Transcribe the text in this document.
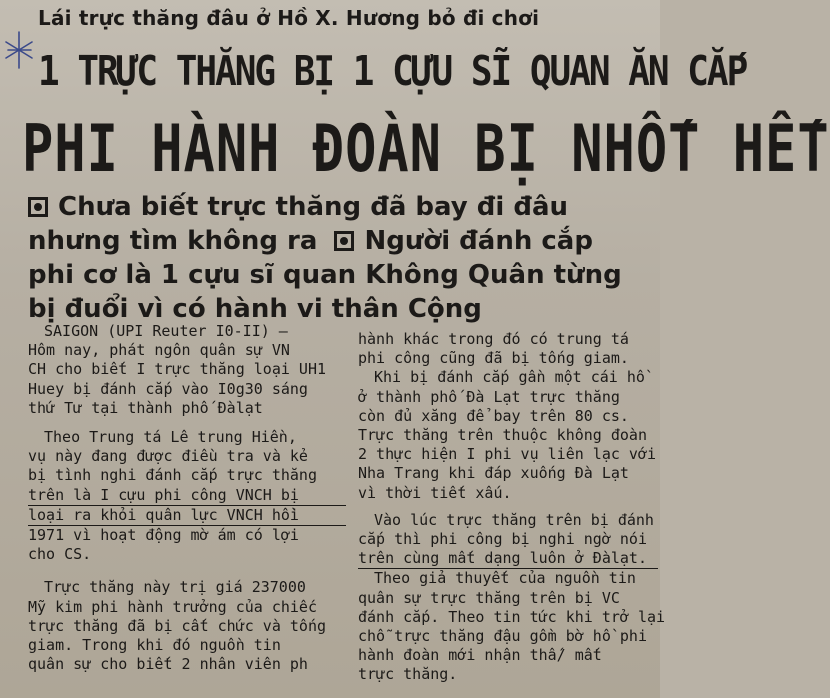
Lái trực thăng đâu ở Hồ X. Hương bỏ đi chơi
1 TRỰC THĂNG BỊ 1 CỰU SĨ QUAN ĂN CẮP
PHI HÀNH ĐOÀN BỊ NHỐT HẾT
Chưa biết trực thăng đã bay đi đâu
nhưng tìm không ra Người đánh cắp
phi cơ là 1 cựu sĩ quan Không Quân từng
bị đuổi vì có hành vi thân Cộng
SAIGON (UPI Reuter I0-II) —
Hôm nay, phát ngôn quân sự VN
CH cho biết I trực thăng loại UH1
Huey bị đánh cắp vào I0g30 sáng
thứ Tư tại thành phố Đàlạt
Theo Trung tá Lê trung Hiền,
vụ này đang được điều tra và kẻ
bị tình nghi đánh cắp trực thăng
trên là I cựu phi công VNCH bị
loại ra khỏi quân lực VNCH hồi
1971 vì hoạt động mờ ám có lợi
cho CS.
Trực thăng này trị giá 237000
Mỹ kim phi hành trưởng của chiếc
trực thăng đã bị cất chức và tống
giam. Trong khi đó nguồn tin
quân sự cho biết 2 nhân viên ph
hành khác trong đó có trung tá
phi công cũng đã bị tống giam.
Khi bị đánh cắp gần một cái hồ
ở thành phố Đà Lạt trực thăng
còn đủ xăng để bay trên 80 cs.
Trực thăng trên thuộc không đoàn
2 thực hiện I phi vụ liên lạc với
Nha Trang khi đáp xuống Đà Lạt
vì thời tiết xấu.
Vào lúc trực thăng trên bị đánh
cắp thì phi công bị nghi ngờ nói
trên cùng mất dạng luôn ở Đàlạt.
Theo giả thuyết của nguồn tin
quân sự trực thăng trên bị VC
đánh cắp. Theo tin tức khi trở lại
chỗ trực thăng đậu gồm bờ hồ phi
hành đoàn mới nhận thấ/ mất
trực thăng.
